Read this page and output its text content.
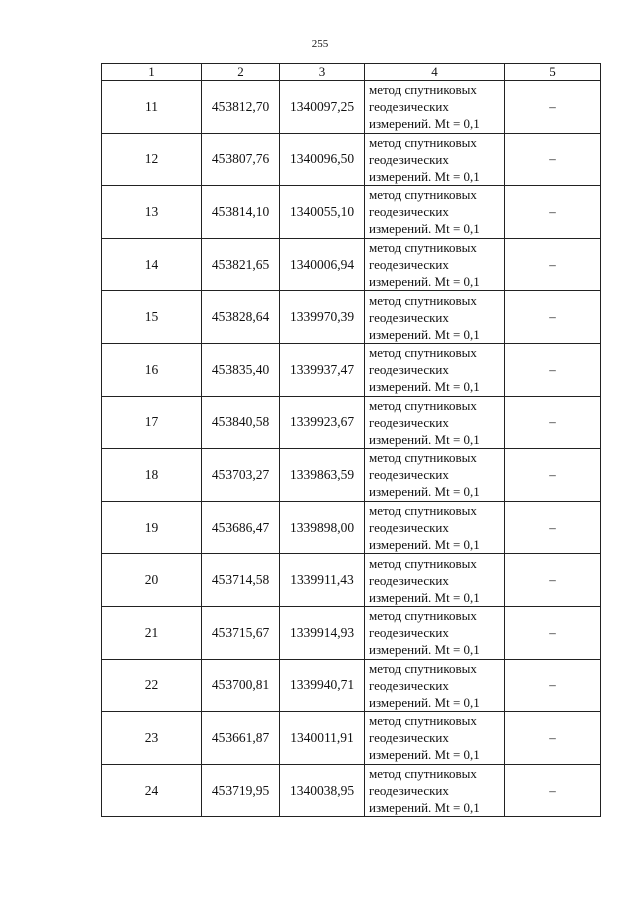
255
1	2	3	4	5
11	453812,70	1340097,25	метод спутниковых
геодезических
измерений. Mt = 0,1	–
12	453807,76	1340096,50	метод спутниковых
геодезических
измерений. Mt = 0,1	–
13	453814,10	1340055,10	метод спутниковых
геодезических
измерений. Mt = 0,1	–
14	453821,65	1340006,94	метод спутниковых
геодезических
измерений. Mt = 0,1	–
15	453828,64	1339970,39	метод спутниковых
геодезических
измерений. Mt = 0,1	–
16	453835,40	1339937,47	метод спутниковых
геодезических
измерений. Mt = 0,1	–
17	453840,58	1339923,67	метод спутниковых
геодезических
измерений. Mt = 0,1	–
18	453703,27	1339863,59	метод спутниковых
геодезических
измерений. Mt = 0,1	–
19	453686,47	1339898,00	метод спутниковых
геодезических
измерений. Mt = 0,1	–
20	453714,58	1339911,43	метод спутниковых
геодезических
измерений. Mt = 0,1	–
21	453715,67	1339914,93	метод спутниковых
геодезических
измерений. Mt = 0,1	–
22	453700,81	1339940,71	метод спутниковых
геодезических
измерений. Mt = 0,1	–
23	453661,87	1340011,91	метод спутниковых
геодезических
измерений. Mt = 0,1	–
24	453719,95	1340038,95	метод спутниковых
геодезических
измерений. Mt = 0,1	–
